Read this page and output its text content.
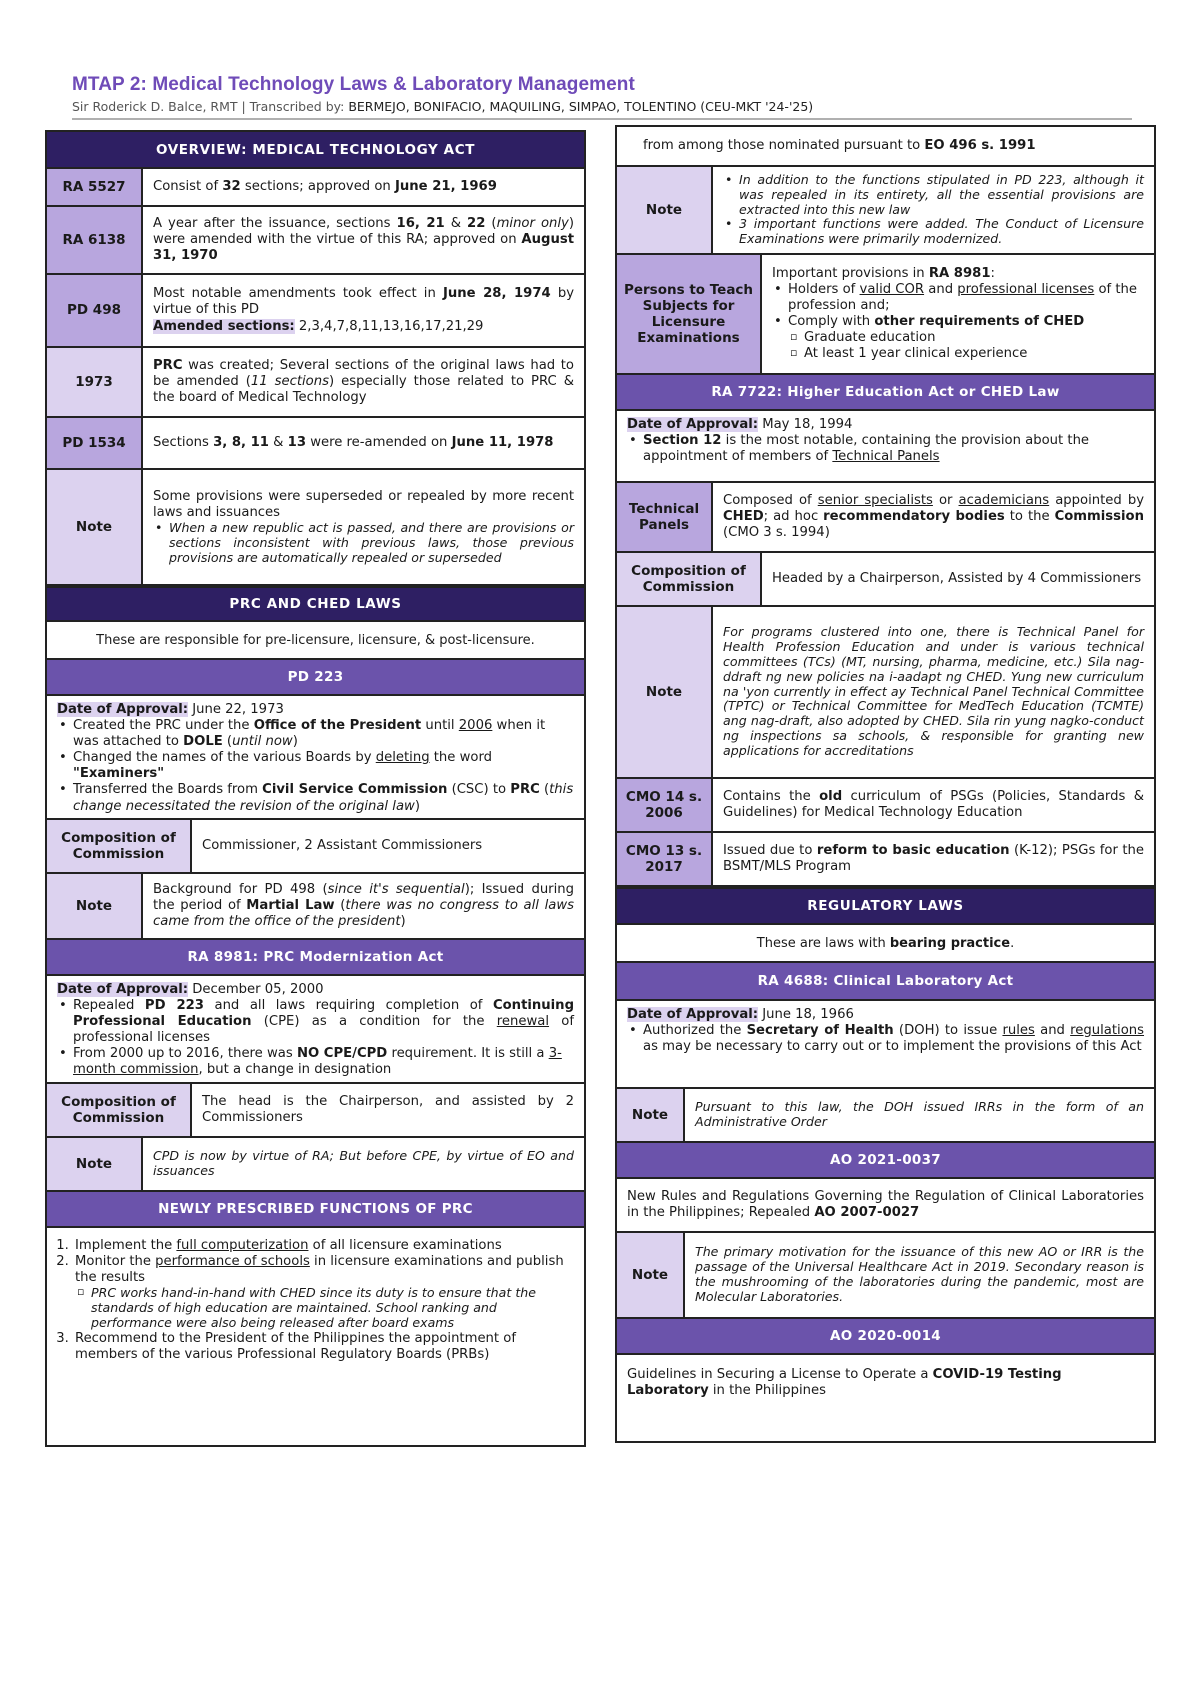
MTAP 2: Medical Technology Laws & Laboratory Management
Sir Roderick D. Balce, RMT | Transcribed by: BERMEJO, BONIFACIO, MAQUILING, SIMPAO, TOLENTINO (CEU-MKT '24-'25)
OVERVIEW: MEDICAL TECHNOLOGY ACT
RA 5527	Consist of 32 sections; approved on June 21, 1969
RA 6138
A year after the issuance, sections 16, 21 & 22 (minor only) were amended with the virtue of this RA; approved on August 31, 1970
PD 498
Most notable amendments took effect in June 28, 1974 by virtue of this PD
Amended sections: 2,3,4,7,8,11,13,16,17,21,29
1973
PRC was created; Several sections of the original laws had to be amended (11 sections) especially those related to PRC & the board of Medical Technology
PD 1534	Sections 3, 8, 11 & 13 were re-amended on June 11, 1978
Note
Some provisions were superseded or repealed by more recent laws and issuances
• When a new republic act is passed, and there are provisions or sections inconsistent with previous laws, those previous provisions are automatically repealed or superseded
PRC AND CHED LAWS
These are responsible for pre-licensure, licensure, & post-licensure.
PD 223
Date of Approval: June 22, 1973
• Created the PRC under the Office of the President until 2006 when it was attached to DOLE (until now)
• Changed the names of the various Boards by deleting the word "Examiners"
• Transferred the Boards from Civil Service Commission (CSC) to PRC (this change necessitated the revision of the original law)
Composition of Commission
Commissioner, 2 Assistant Commissioners
Note
Background for PD 498 (since it's sequential); Issued during the period of Martial Law (there was no congress to all laws came from the office of the president)
RA 8981: PRC Modernization Act
Date of Approval: December 05, 2000
• Repealed PD 223 and all laws requiring completion of Continuing Professional Education (CPE) as a condition for the renewal of professional licenses
• From 2000 up to 2016, there was NO CPE/CPD requirement. It is still a 3-month commission, but a change in designation
Composition of Commission
The head is the Chairperson, and assisted by 2 Commissioners
Note
CPD is now by virtue of RA; But before CPE, by virtue of EO and issuances
NEWLY PRESCRIBED FUNCTIONS OF PRC
1. Implement the full computerization of all licensure examinations
2. Monitor the performance of schools in licensure examinations and publish the results
▫ PRC works hand-in-hand with CHED since its duty is to ensure that the standards of high education are maintained. School ranking and performance were also being released after board exams
3. Recommend to the President of the Philippines the appointment of members of the various Professional Regulatory Boards (PRBs)
from among those nominated pursuant to EO 496 s. 1991
Note
• In addition to the functions stipulated in PD 223, although it was repealed in its entirety, all the essential provisions are extracted into this new law
• 3 important functions were added. The Conduct of Licensure Examinations were primarily modernized.
Persons to Teach Subjects for Licensure Examinations
Important provisions in RA 8981:
• Holders of valid COR and professional licenses of the profession and;
• Comply with other requirements of CHED
▫ Graduate education
▫ At least 1 year clinical experience
RA 7722: Higher Education Act or CHED Law
Date of Approval: May 18, 1994
• Section 12 is the most notable, containing the provision about the appointment of members of Technical Panels
Technical Panels
Composed of senior specialists or academicians appointed by CHED; ad hoc recommendatory bodies to the Commission (CMO 3 s. 1994)
Composition of Commission
Headed by a Chairperson, Assisted by 4 Commissioners
Note
For programs clustered into one, there is Technical Panel for Health Profession Education and under is various technical committees (TCs) (MT, nursing, pharma, medicine, etc.) Sila nag-ddraft ng new policies na i-aadapt ng CHED. Yung new curriculum na 'yon currently in effect ay Technical Panel Technical Committee (TPTC) or Technical Committee for MedTech Education (TCMTE) ang nag-draft, also adopted by CHED. Sila rin yung nagko-conduct ng inspections sa schools, & responsible for granting new applications for accreditations
CMO 14 s. 2006
Contains the old curriculum of PSGs (Policies, Standards & Guidelines) for Medical Technology Education
CMO 13 s. 2017
Issued due to reform to basic education (K-12); PSGs for the BSMT/MLS Program
REGULATORY LAWS
These are laws with bearing practice.
RA 4688: Clinical Laboratory Act
Date of Approval: June 18, 1966
• Authorized the Secretary of Health (DOH) to issue rules and regulations as may be necessary to carry out or to implement the provisions of this Act
Note
Pursuant to this law, the DOH issued IRRs in the form of an Administrative Order
AO 2021-0037
New Rules and Regulations Governing the Regulation of Clinical Laboratories in the Philippines; Repealed AO 2007-0027
Note
The primary motivation for the issuance of this new AO or IRR is the passage of the Universal Healthcare Act in 2019. Secondary reason is the mushrooming of the laboratories during the pandemic, most are Molecular Laboratories.
AO 2020-0014
Guidelines in Securing a License to Operate a COVID-19 Testing Laboratory in the Philippines
